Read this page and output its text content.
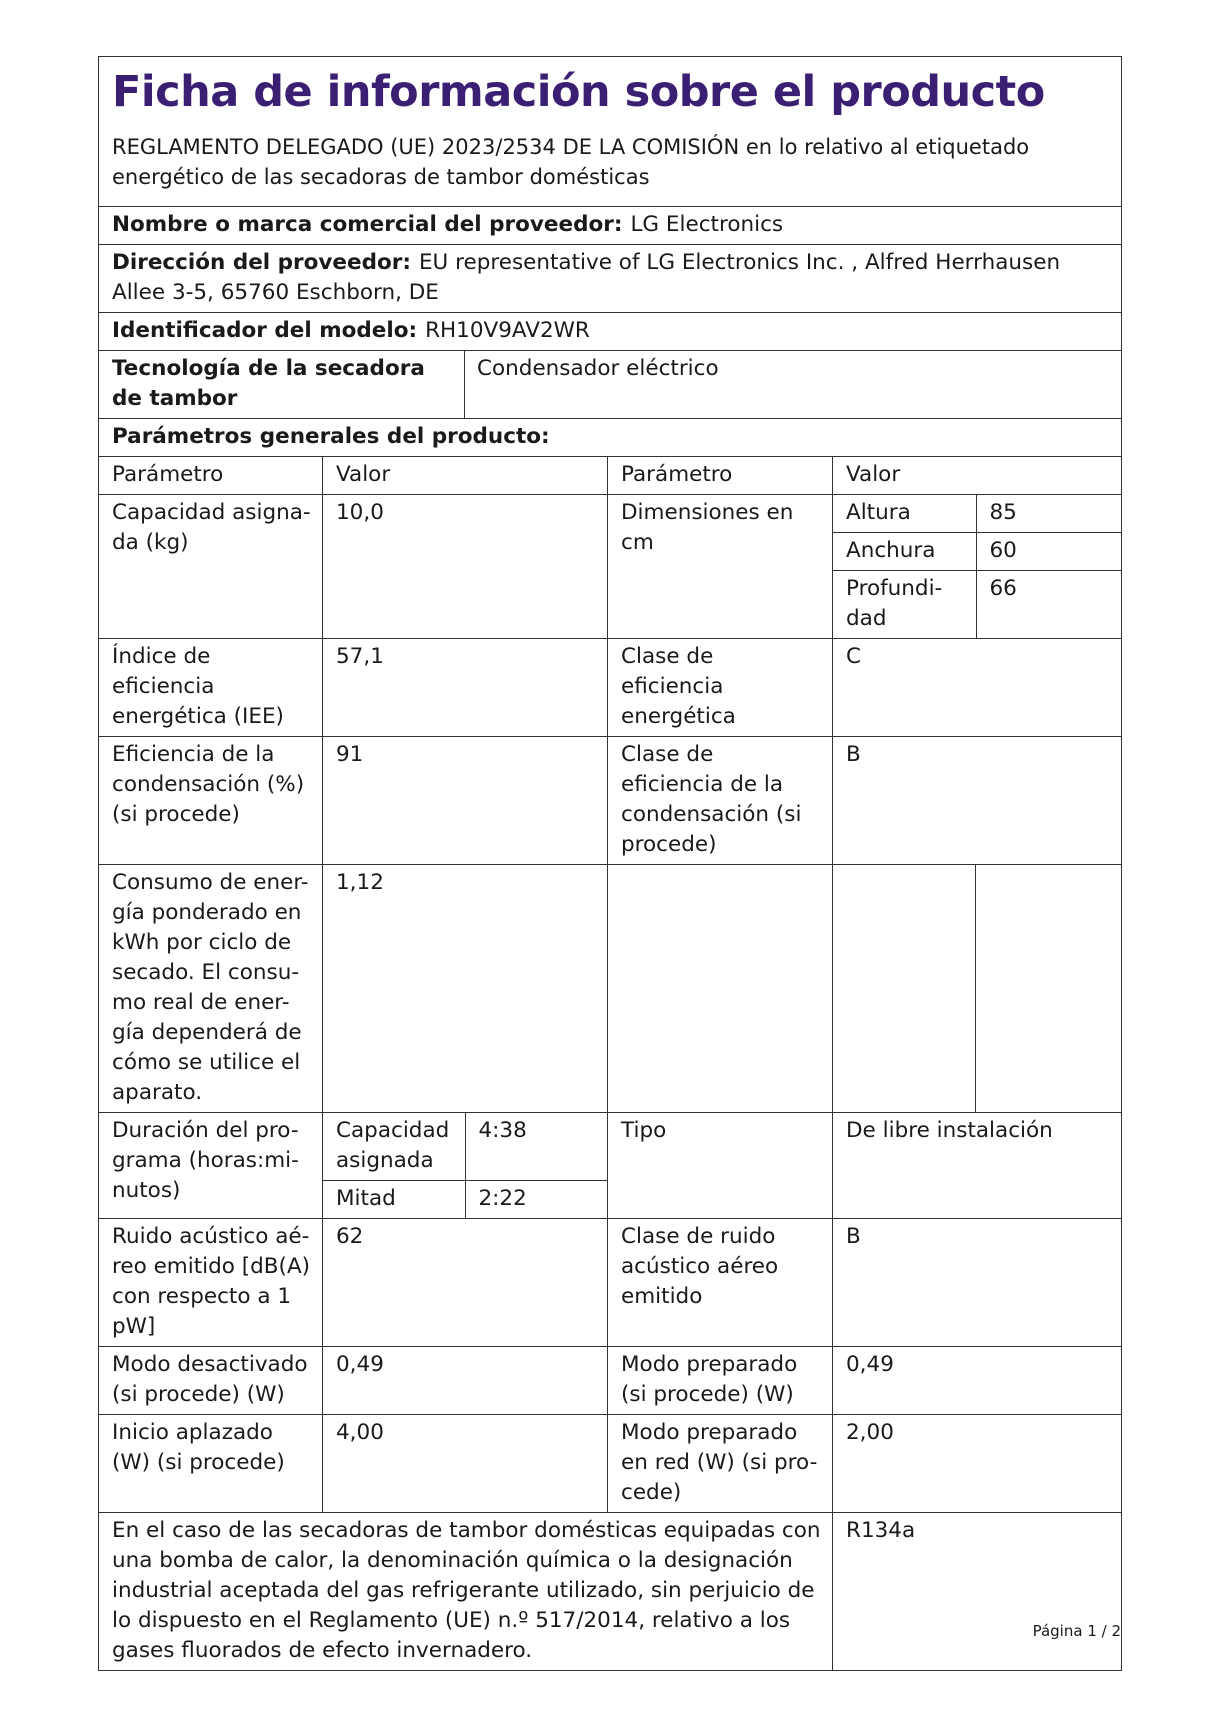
Ficha de información sobre el producto
REGLAMENTO DELEGADO (UE) 2023/2534 DE LA COMISIÓN en lo relativo al etiquetado energético de las secadoras de tambor domésticas

Nombre o marca comercial del proveedor: LG Electronics
Dirección del proveedor: EU representative of LG Electronics Inc. , Alfred Herrhausen Allee 3-5, 65760 Eschborn, DE
Identificador del modelo: RH10V9AV2WR
Tecnología de la secadora de tambor	Condensador eléctrico
Parámetros generales del producto:
Parámetro	Valor	Parámetro	Valor
Capacidad asigna-da (kg)	10,0	Dimensiones en cm	
Altura	85
Anchura	60
Profundi-dad	66

Índice de eficiencia energética (IEE)	57,1	Clase de eficiencia energética	C
Eficiencia de la condensación (%) (si procede)	91	Clase de eficiencia de la condensación (si procede)	B
Consumo de ener-gía ponderado en kWh por ciclo de secado. El consu-mo real de ener-gía dependerá de cómo se utilice el aparato.	1,12			
Duración del pro-grama (horas:mi-nutos)	
Capacidad asignada	4:38
Mitad	2:22
	Tipo	De libre instalación
Ruido acústico aé-reo emitido [dB(A) con respecto a 1 pW]	62	Clase de ruido acústico aéreo emitido	B
Modo desactivado (si procede) (W)	0,49	Modo preparado (si procede) (W)	0,49
Inicio aplazado (W) (si procede)	4,00	Modo preparado en red (W) (si pro-cede)	2,00
En el caso de las secadoras de tambor domésticas equipadas con una bomba de calor, la denominación química o la designación industrial aceptada del gas refrigerante utilizado, sin perjuicio de lo dispuesto en el Reglamento (UE) n.º 517/2014, relativo a los gases fluorados de efecto invernadero.	R134a
Página 1 / 2
